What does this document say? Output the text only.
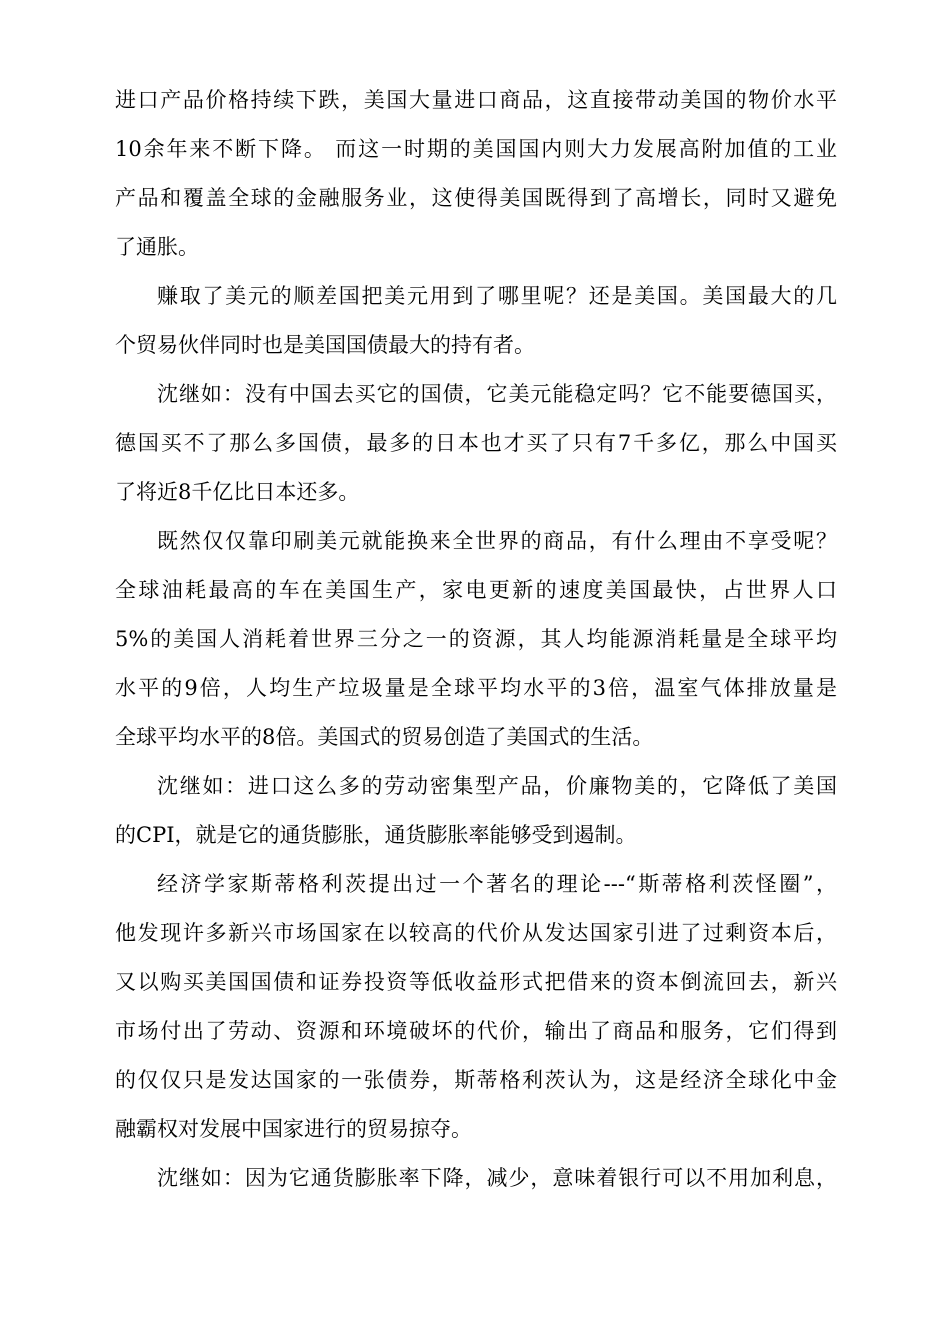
进口产品价格持续下跌，美国大量进口商品，这直接带动美国的物价水平
10余年来不断下降。 而这一时期的美国国内则大力发展高附加值的工业
产品和覆盖全球的金融服务业，这使得美国既得到了高增长，同时又避免
了通胀。
赚取了美元的顺差国把美元用到了哪里呢？还是美国。美国最大的几
个贸易伙伴同时也是美国国债最大的持有者。
沈继如：没有中国去买它的国债，它美元能稳定吗？它不能要德国买，
德国买不了那么多国债，最多的日本也才买了只有7千多亿，那么中国买
了将近8千亿比日本还多。
既然仅仅靠印刷美元就能换来全世界的商品，有什么理由不享受呢？
全球油耗最高的车在美国生产，家电更新的速度美国最快，占世界人口
5%的美国人消耗着世界三分之一的资源，其人均能源消耗量是全球平均
水平的9倍，人均生产垃圾量是全球平均水平的3倍，温室气体排放量是
全球平均水平的8倍。美国式的贸易创造了美国式的生活。
沈继如：进口这么多的劳动密集型产品，价廉物美的，它降低了美国
的CPI，就是它的通货膨胀，通货膨胀率能够受到遏制。
经济学家斯蒂格利茨提出过一个著名的理论---“斯蒂格利茨怪圈”，
他发现许多新兴市场国家在以较高的代价从发达国家引进了过剩资本后，
又以购买美国国债和证券投资等低收益形式把借来的资本倒流回去，新兴
市场付出了劳动、资源和环境破坏的代价，输出了商品和服务，它们得到
的仅仅只是发达国家的一张债券，斯蒂格利茨认为，这是经济全球化中金
融霸权对发展中国家进行的贸易掠夺。
沈继如：因为它通货膨胀率下降，减少，意味着银行可以不用加利息，
